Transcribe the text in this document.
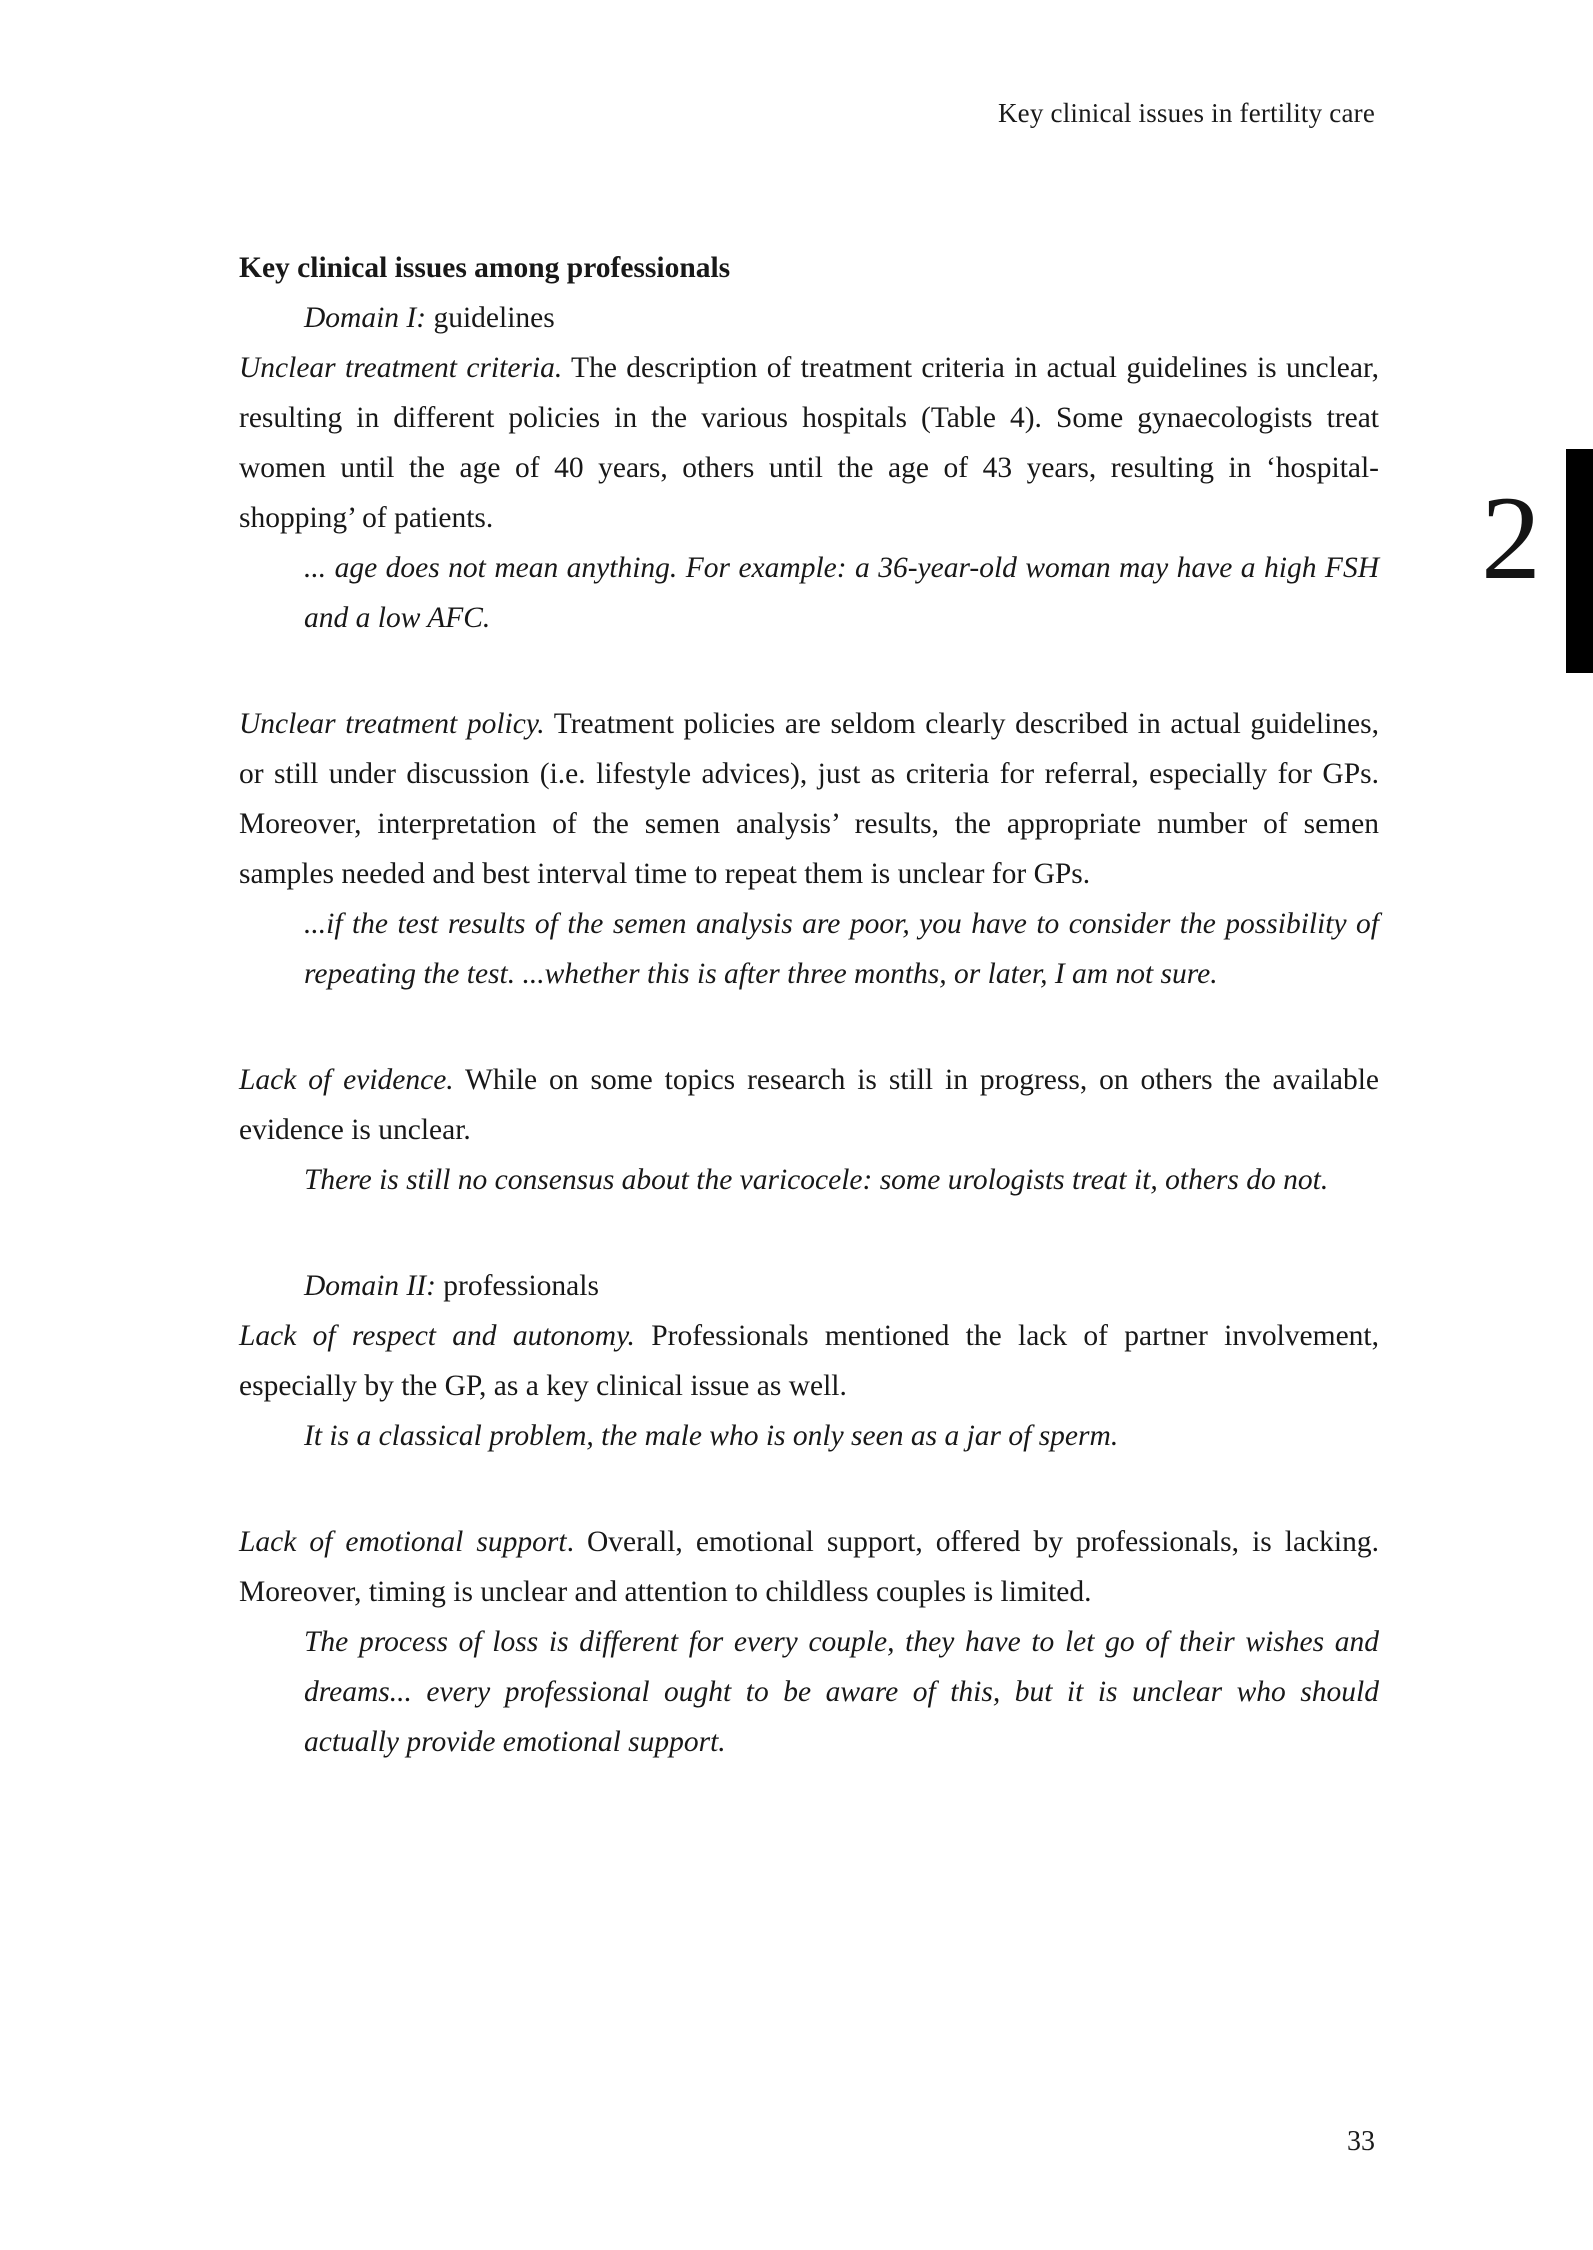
Key clinical issues in fertility care
2

Key clinical issues among professionals

Domain I: guidelines

Unclear treatment criteria. The description of treatment criteria in actual guidelines is unclear, resulting in different policies in the various hospitals (Table 4). Some gynaecologists treat women until the age of 40 years, others until the age of 43 years, resulting in ‘hospital-shopping’ of patients.

... age does not mean anything. For example: a 36-year-old woman may have a high FSH and a low AFC.

Unclear treatment policy. Treatment policies are seldom clearly described in actual guidelines, or still under discussion (i.e. lifestyle advices), just as criteria for referral, especially for GPs. Moreover, interpretation of the semen analysis’ results, the appropriate number of semen samples needed and best interval time to repeat them is unclear for GPs.

...if the test results of the semen analysis are poor, you have to consider the possibility of repeating the test. ...whether this is after three months, or later, I am not sure.

Lack of evidence. While on some topics research is still in progress, on others the available evidence is unclear.

There is still no consensus about the varicocele: some urologists treat it, others do not.

Domain II: professionals

Lack of respect and autonomy. Professionals mentioned the lack of partner involvement, especially by the GP, as a key clinical issue as well.

It is a classical problem, the male who is only seen as a jar of sperm.

Lack of emotional support. Overall, emotional support, offered by professionals, is lacking. Moreover, timing is unclear and attention to childless couples is limited.

The process of loss is different for every couple, they have to let go of their wishes and dreams... every professional ought to be aware of this, but it is unclear who should actually provide emotional support.

33
